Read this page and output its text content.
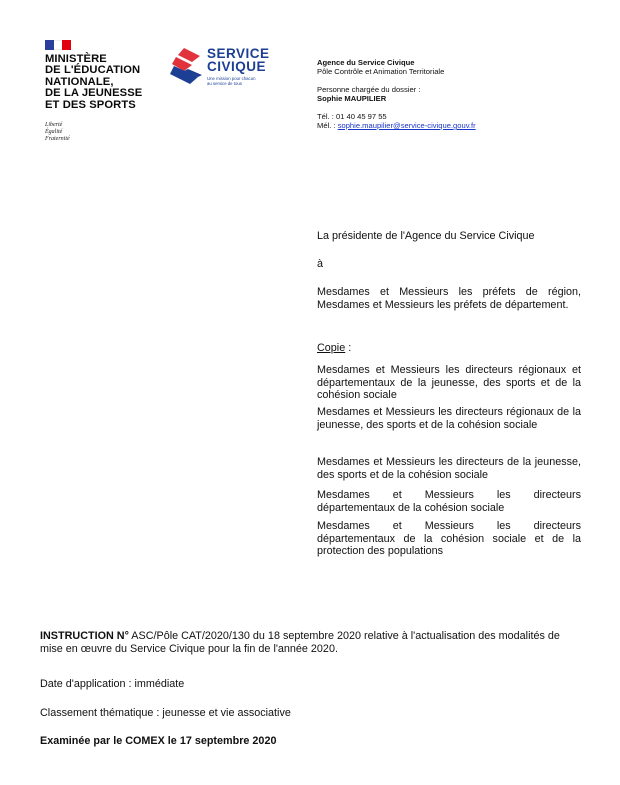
MINISTÈRE
DE L'ÉDUCATION
NATIONALE,
DE LA JEUNESSE
ET DES SPORTS
Liberté
Égalité
Fraternité
SERVICE
CIVIQUE
Une mission pour chacun
au service de tous
Agence du Service Civique
Pôle Contrôle et Animation Territoriale
Personne chargée du dossier :
Sophie MAUPILIER
Tél. : 01 40 45 97 55
Mél. : sophie.maupilier@service-civique.gouv.fr
La présidente de l'Agence du Service Civique
à
Mesdames et Messieurs les préfets de région, Mesdames et Messieurs les préfets de département.
Copie :
Mesdames et Messieurs les directeurs régionaux et départementaux de la jeunesse, des sports et de la cohésion sociale
Mesdames et Messieurs les directeurs régionaux de la jeunesse, des sports et de la cohésion sociale
Mesdames et Messieurs les directeurs de la jeunesse, des sports et de la cohésion sociale
Mesdames et Messieurs les directeurs départementaux de la cohésion sociale
Mesdames et Messieurs les directeurs départementaux de la cohésion sociale et de la protection des populations
INSTRUCTION N° ASC/Pôle CAT/2020/130 du 18 septembre 2020 relative à l'actualisation des modalités de mise en œuvre du Service Civique pour la fin de l'année 2020.
Date d'application : immédiate
Classement thématique : jeunesse et vie associative
Examinée par le COMEX le 17 septembre 2020
